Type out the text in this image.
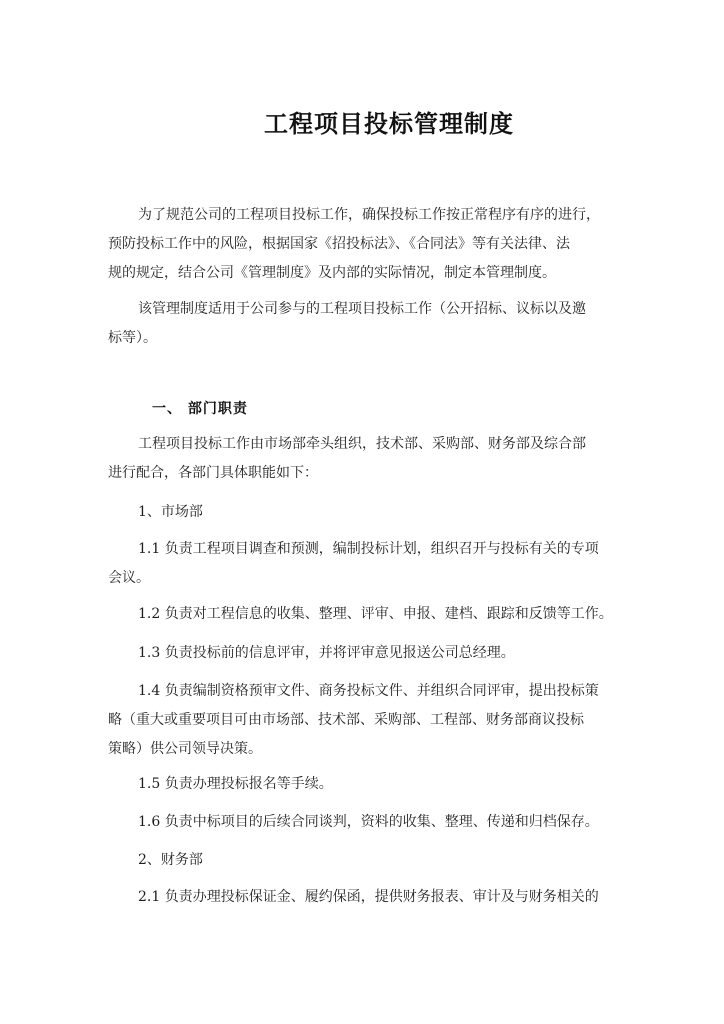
工程项目投标管理制度
为了规范公司的工程项目投标工作，确保投标工作按正常程序有序的进行，
预防投标工作中的风险，根据国家《招投标法》、《合同法》等有关法律、法
规的规定，结合公司《管理制度》及内部的实际情况，制定本管理制度。
该管理制度适用于公司参与的工程项目投标工作（公开招标、议标以及邀
标等）。
一、 部门职责
工程项目投标工作由市场部牵头组织，技术部、采购部、财务部及综合部
进行配合，各部门具体职能如下：
1、市场部
1.1 负责工程项目调查和预测，编制投标计划，组织召开与投标有关的专项
会议。
1.2 负责对工程信息的收集、整理、评审、申报、建档、跟踪和反馈等工作。
1.3 负责投标前的信息评审，并将评审意见报送公司总经理。
1.4 负责编制资格预审文件、商务投标文件、并组织合同评审，提出投标策
略（重大或重要项目可由市场部、技术部、采购部、工程部、财务部商议投标
策略）供公司领导决策。
1.5 负责办理投标报名等手续。
1.6 负责中标项目的后续合同谈判，资料的收集、整理、传递和归档保存。
2、财务部
2.1 负责办理投标保证金、履约保函，提供财务报表、审计及与财务相关的
